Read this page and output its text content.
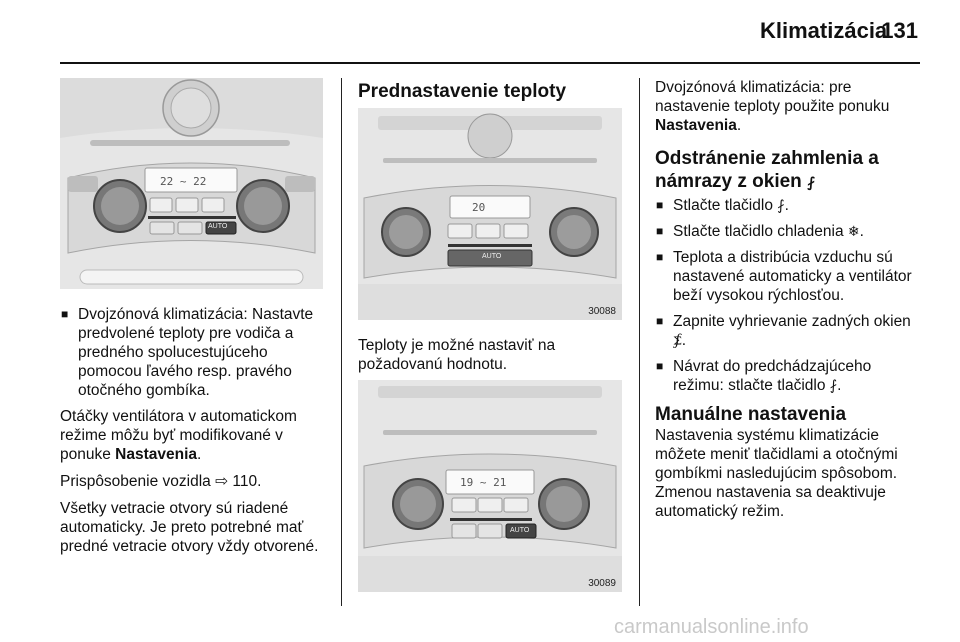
Klimatizácia
131
22 ~ 22
AUTO
■ Dvojzónová klimatizácia: Nastavte predvolené teploty pre vodiča a predného spolucestujúceho pomocou ľavého resp. pravého otočného gombíka.

Otáčky ventilátora v automatickom režime môžu byť modifikované v ponuke Nastavenia.

Prispôsobenie vozidla ⇨ 110.

Všetky vetracie otvory sú riadené automaticky. Je preto potrebné mať predné vetracie otvory vždy otvorené.

Prednastavenie teploty
20
AUTO
30088

Teploty je možné nastaviť na požadovanú hodnotu.

19 ~ 21
AUTO
30089

Dvojzónová klimatizácia: pre nastavenie teploty použite ponuku Nastavenia.

Odstránenie zahmlenia a námrazy z okien ⨏
■ Stlačte tlačidlo ⨏.
■ Stlačte tlačidlo chladenia ❄.
■ Teplota a distribúcia vzduchu sú nastavené automaticky a ventilátor beží vysokou rýchlosťou.
■ Zapnite vyhrievanie zadných okien ⨋.
■ Návrat do predchádzajúceho režimu: stlačte tlačidlo ⨏.
Manuálne nastavenia

Nastavenia systému klimatizácie môžete meniť tlačidlami a otočnými gombíkmi nasledujúcim spôsobom. Zmenou nastavenia sa deaktivuje automatický režim.

carmanualsonline.info
